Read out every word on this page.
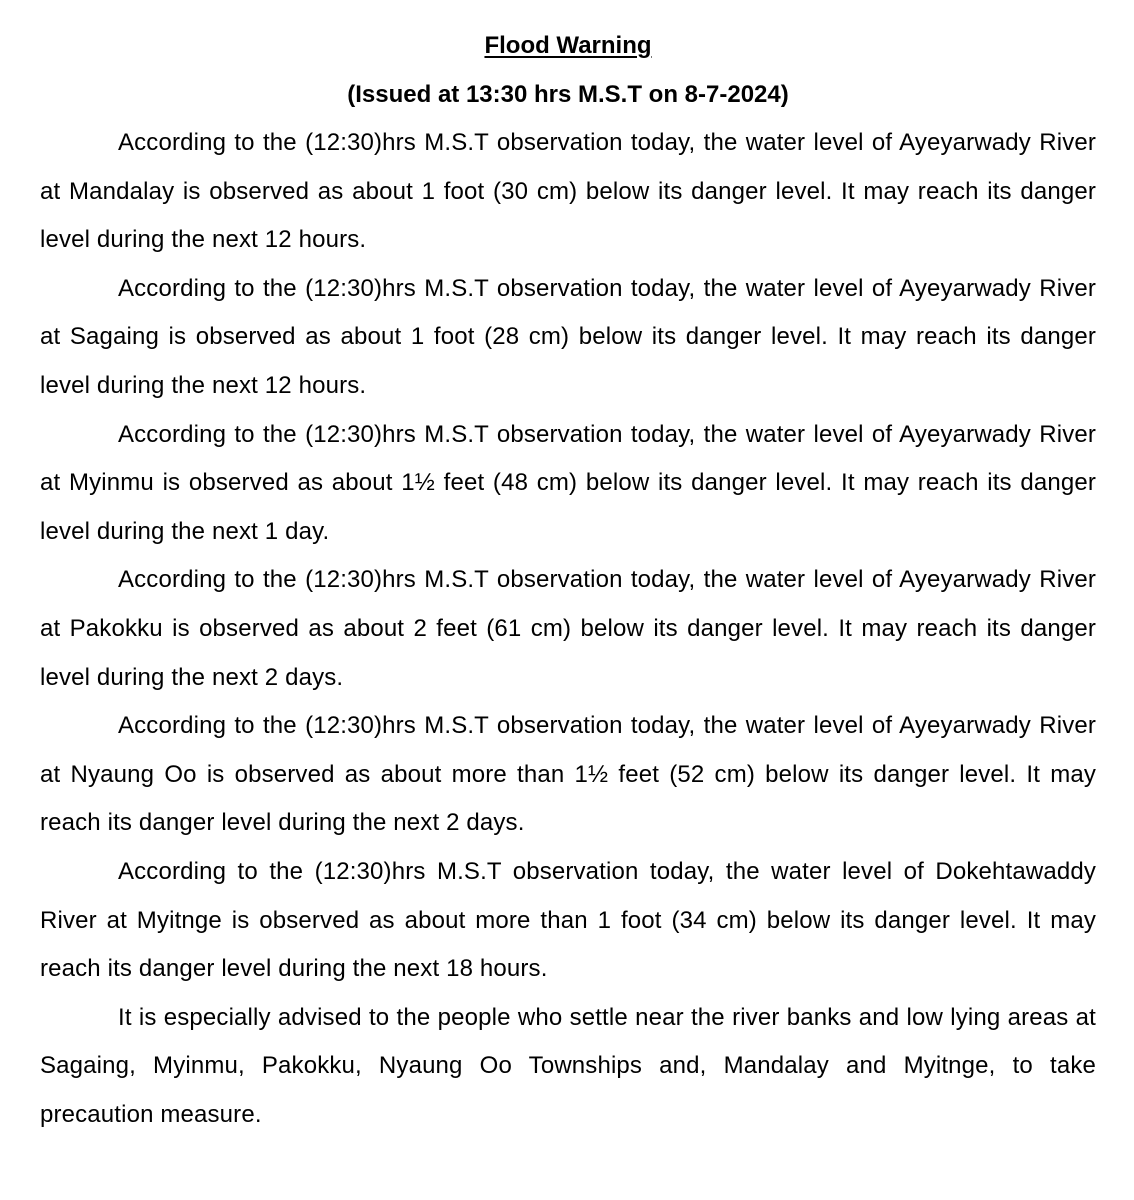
Flood Warning

(Issued at 13:30 hrs M.S.T on 8-7-2024)

According to the (12:30)hrs M.S.T observation today, the water level of Ayeyarwady River at Mandalay is observed as about 1 foot (30 cm) below its danger level. It may reach its danger level during the next 12 hours.

According to the (12:30)hrs M.S.T observation today, the water level of Ayeyarwady River at Sagaing is observed as about 1 foot (28 cm) below its danger level. It may reach its danger level during the next 12 hours.

According to the (12:30)hrs M.S.T observation today, the water level of Ayeyarwady River at Myinmu is observed as about 1½ feet (48 cm) below its danger level. It may reach its danger level during the next 1 day.

According to the (12:30)hrs M.S.T observation today, the water level of Ayeyarwady River at Pakokku is observed as about 2 feet (61 cm) below its danger level. It may reach its danger level during the next 2 days.

According to the (12:30)hrs M.S.T observation today, the water level of Ayeyarwady River at Nyaung Oo is observed as about more than 1½ feet (52 cm) below its danger level. It may reach its danger level during the next 2 days.

According to the (12:30)hrs M.S.T observation today, the water level of Dokehtawaddy River at Myitnge is observed as about more than 1 foot (34 cm) below its danger level. It may reach its danger level during the next 18 hours.

It is especially advised to the people who settle near the river banks and low lying areas at Sagaing, Myinmu, Pakokku, Nyaung Oo Townships and, Mandalay and Myitnge, to take precaution measure.
